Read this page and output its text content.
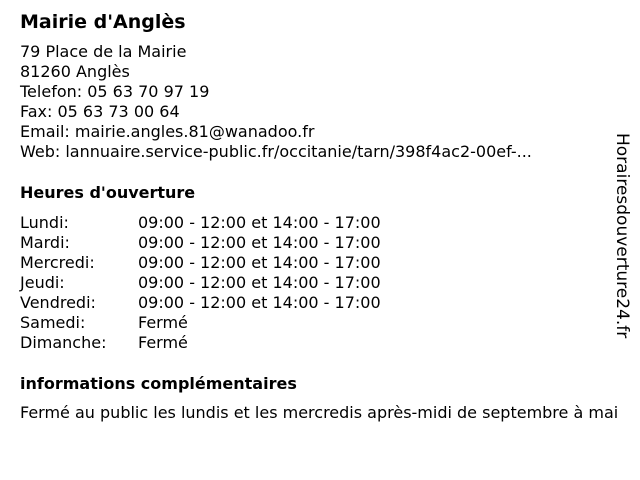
Mairie d'Anglès
79 Place de la Mairie
81260 Anglès
Telefon: 05 63 70 97 19
Fax: 05 63 73 00 64
Email: mairie.angles.81@wanadoo.fr
Web: lannuaire.service-public.fr/occitanie/tarn/398f4ac2-00ef-...
Heures d'ouverture
Lundi:	09:00 - 12:00 et 14:00 - 17:00
Mardi:	09:00 - 12:00 et 14:00 - 17:00
Mercredi:	09:00 - 12:00 et 14:00 - 17:00
Jeudi:	09:00 - 12:00 et 14:00 - 17:00
Vendredi:	09:00 - 12:00 et 14:00 - 17:00
Samedi:	Fermé
Dimanche:	Fermé
informations complémentaires
Fermé au public les lundis et les mercredis après-midi de septembre à mai
Horairesdouverture24.fr
